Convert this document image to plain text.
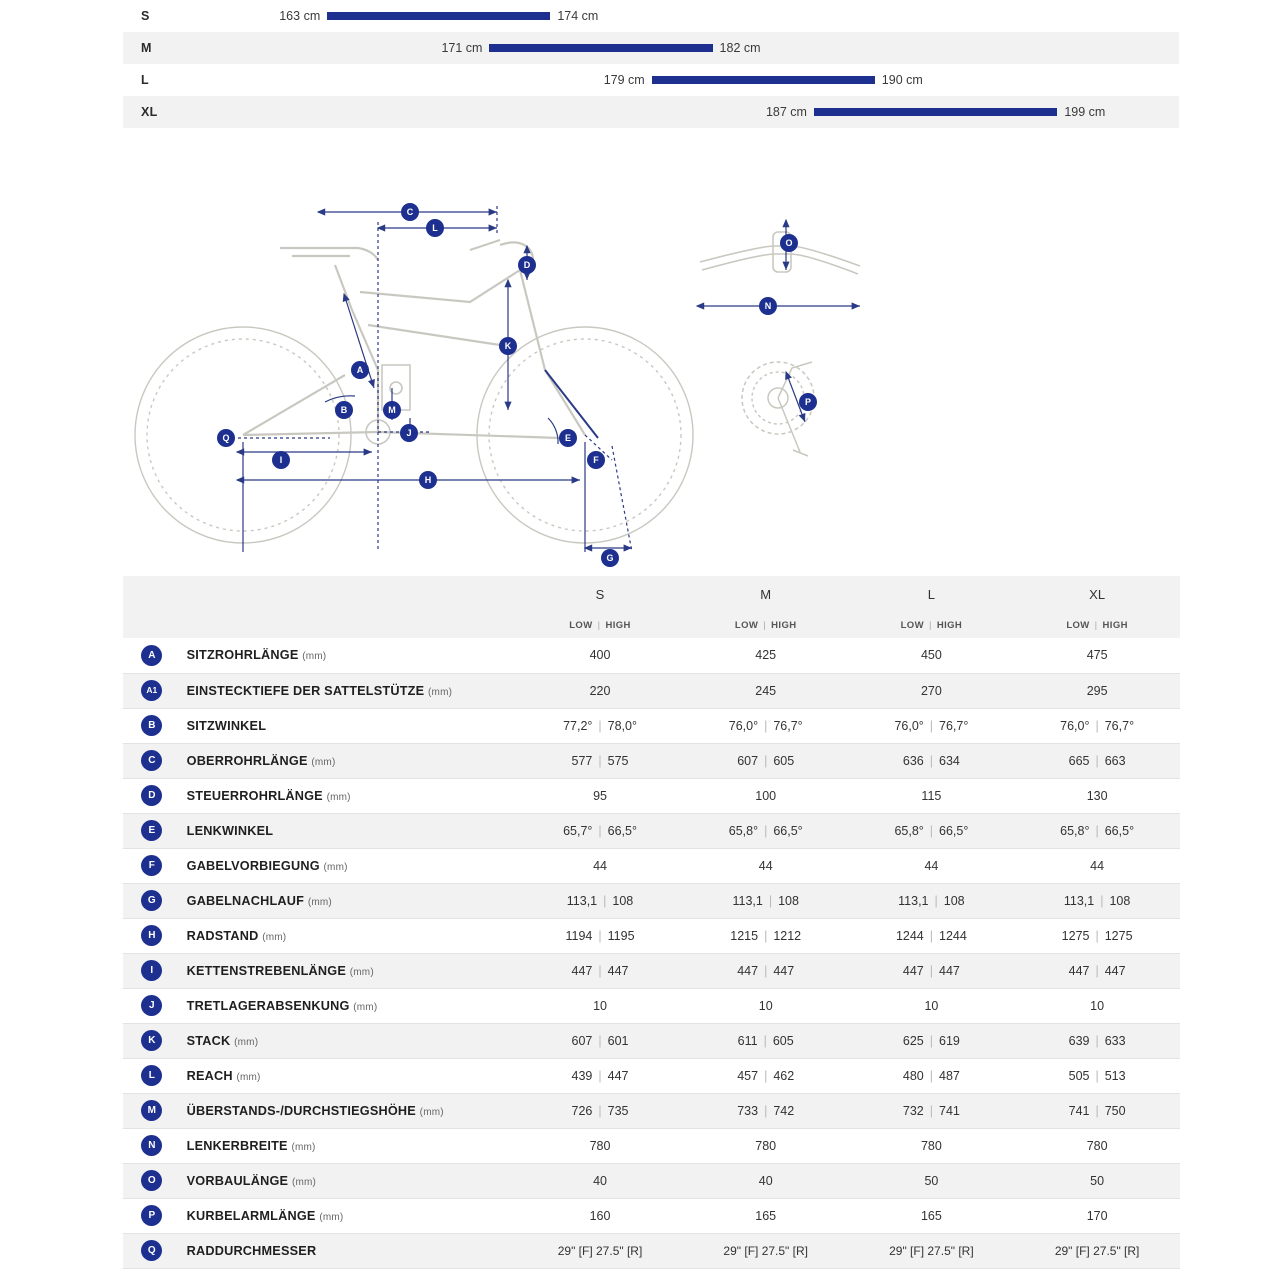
S	163 cm	174 cm
M	171 cm	182 cm
L	179 cm	190 cm
XL	187 cm	199 cm
C
L
D
A
B	M
J
K
Q
I
H
E
F
G
N
O
P
		S	M	L	XL
		LOW | HIGH	LOW | HIGH	LOW | HIGH	LOW | HIGH
A	SITZROHRLÄNGE (mm)	400	425	450	475
A1	EINSTECKTIEFE DER SATTELSTÜTZE (mm)	220	245	270	295
B	SITZWINKEL	77,2° | 78,0°	76,0° | 76,7°	76,0° | 76,7°	76,0° | 76,7°
C	OBERROHRLÄNGE (mm)	577 | 575	607 | 605	636 | 634	665 | 663
D	STEUERROHRLÄNGE (mm)	95	100	115	130
E	LENKWINKEL	65,7° | 66,5°	65,8° | 66,5°	65,8° | 66,5°	65,8° | 66,5°
F	GABELVORBIEGUNG (mm)	44	44	44	44
G	GABELNACHLAUF (mm)	113,1 | 108	113,1 | 108	113,1 | 108	113,1 | 108
H	RADSTAND (mm)	1194 | 1195	1215 | 1212	1244 | 1244	1275 | 1275
I	KETTENSTREBENLÄNGE (mm)	447 | 447	447 | 447	447 | 447	447 | 447
J	TRETLAGERABSENKUNG (mm)	10	10	10	10
K	STACK (mm)	607 | 601	611 | 605	625 | 619	639 | 633
L	REACH (mm)	439 | 447	457 | 462	480 | 487	505 | 513
M	ÜBERSTANDS-/DURCHSTIEGSHÖHE (mm)	726 | 735	733 | 742	732 | 741	741 | 750
N	LENKERBREITE (mm)	780	780	780	780
O	VORBAULÄNGE (mm)	40	40	50	50
P	KURBELARMLÄNGE (mm)	160	165	165	170
Q	RADDURCHMESSER	29" [F] 27.5" [R]	29" [F] 27.5" [R]	29" [F] 27.5" [R]	29" [F] 27.5" [R]
